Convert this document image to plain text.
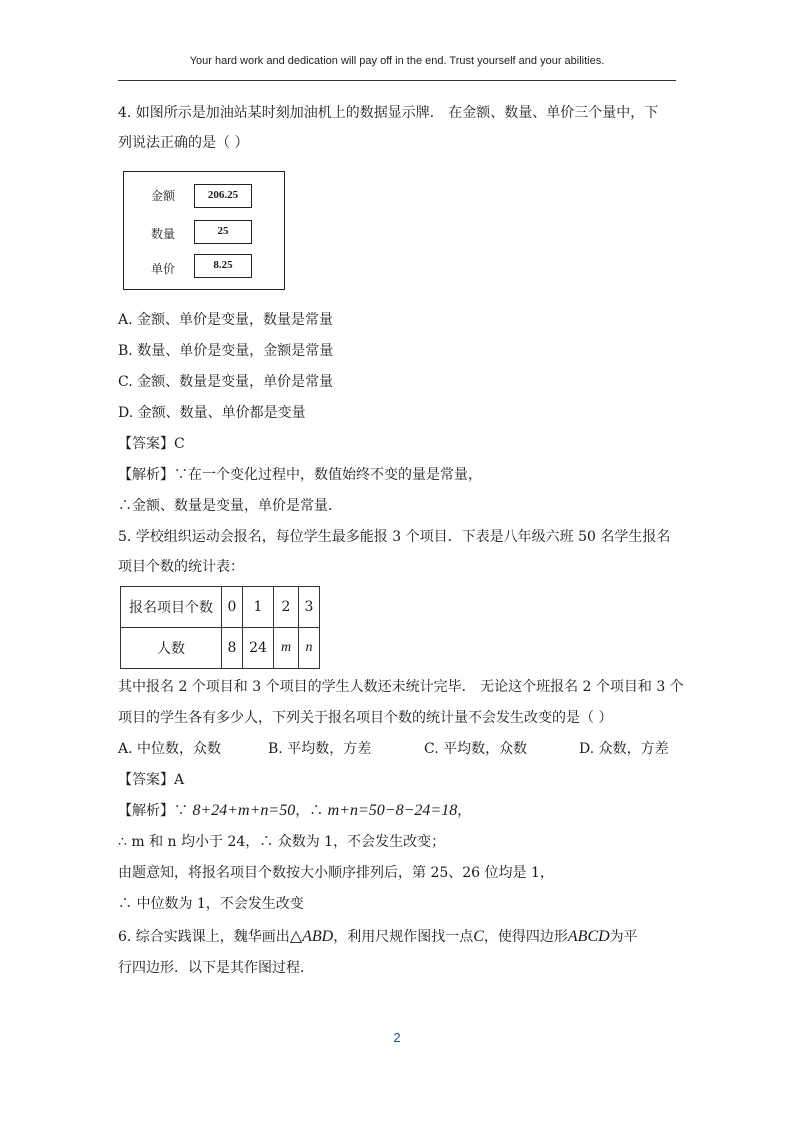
Your hard work and dedication will pay off in the end. Trust yourself and your abilities.
4. 如图所示是加油站某时刻加油机上的数据显示牌． 在金额、数量、单价三个量中，下
列说法正确的是（ ）
金额	206.25
数量	25
单价	8.25
A. 金额、单价是变量，数量是常量
B. 数量、单价是变量，金额是常量
C. 金额、数量是变量，单价是常量
D. 金额、数量、单价都是变量
【答案】C
【解析】∵在一个变化过程中，数值始终不变的量是常量，
∴金额、数量是变量，单价是常量．
5. 学校组织运动会报名，每位学生最多能报 3 个项目．下表是八年级六班 50 名学生报名
项目个数的统计表：
报名项目个数	0	1	2	3
人数	8	24	m	n
其中报名 2 个项目和 3 个项目的学生人数还未统计完毕． 无论这个班报名 2 个项目和 3 个
项目的学生各有多少人，下列关于报名项目个数的统计量不会发生改变的是（ ）
A. 中位数，众数	B. 平均数，方差	C. 平均数，众数	D. 众数，方差
【答案】A
【解析】∵ 8+24+m+n=50，∴ m+n=50−8−24=18，
∴ m 和 n 均小于 24，∴ 众数为 1，不会发生改变；
由题意知，将报名项目个数按大小顺序排列后，第 25、26 位均是 1，
∴ 中位数为 1，不会发生改变
6. 综合实践课上，魏华画出△ABD，利用尺规作图找一点C，使得四边形ABCD为平
行四边形．以下是其作图过程．
2
